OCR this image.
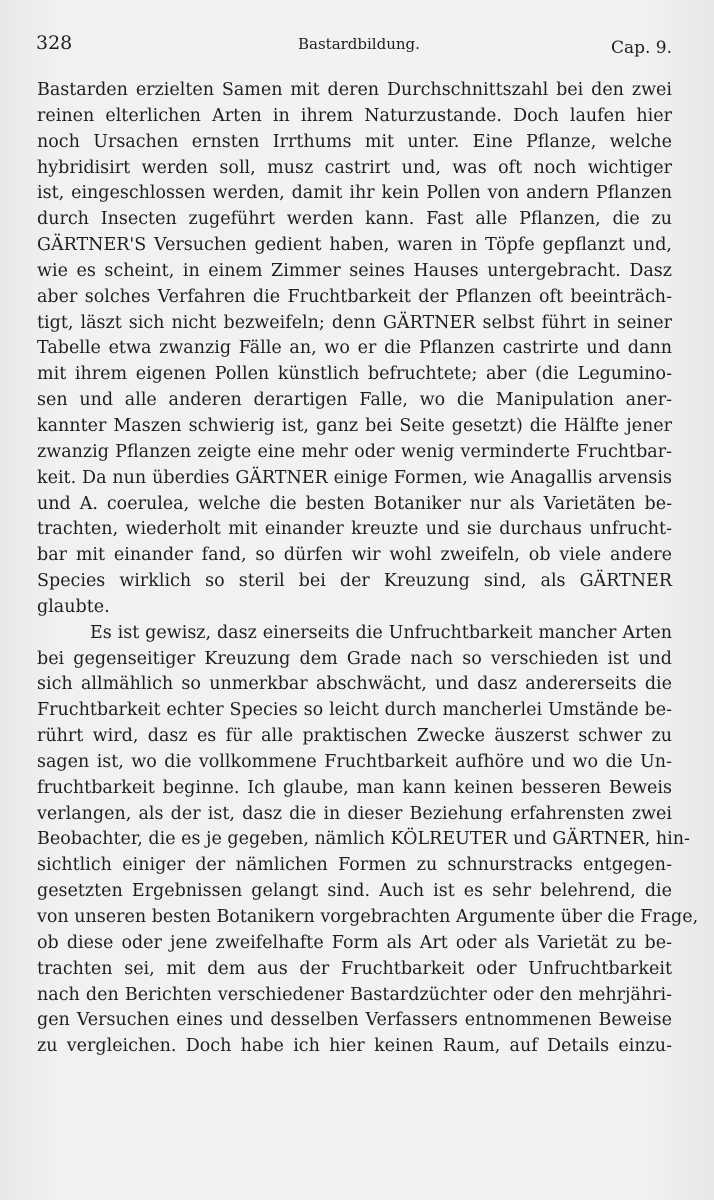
328	Bastardbildung.	Cap. 9.
Bastarden erzielten Samen mit deren Durchschnittszahl bei den zwei
reinen elterlichen Arten in ihrem Naturzustande. Doch laufen hier
noch Ursachen ernsten Irrthums mit unter. Eine Pflanze, welche
hybridisirt werden soll, musz castrirt und, was oft noch wichtiger
ist, eingeschlossen werden, damit ihr kein Pollen von andern Pflanzen
durch Insecten zugeführt werden kann. Fast alle Pflanzen, die zu
GÄRTNER'S Versuchen gedient haben, waren in Töpfe gepflanzt und,
wie es scheint, in einem Zimmer seines Hauses untergebracht. Dasz
aber solches Verfahren die Fruchtbarkeit der Pflanzen oft beeinträch-
tigt, läszt sich nicht bezweifeln; denn GÄRTNER selbst führt in seiner
Tabelle etwa zwanzig Fälle an, wo er die Pflanzen castrirte und dann
mit ihrem eigenen Pollen künstlich befruchtete; aber (die Legumino-
sen und alle anderen derartigen Falle, wo die Manipulation aner-
kannter Maszen schwierig ist, ganz bei Seite gesetzt) die Hälfte jener
zwanzig Pflanzen zeigte eine mehr oder wenig verminderte Fruchtbar-
keit. Da nun überdies GÄRTNER einige Formen, wie Anagallis arvensis
und A. coerulea, welche die besten Botaniker nur als Varietäten be-
trachten, wiederholt mit einander kreuzte und sie durchaus unfrucht-
bar mit einander fand, so dürfen wir wohl zweifeln, ob viele andere
Species wirklich so steril bei der Kreuzung sind, als GÄRTNER
glaubte.
Es ist gewisz, dasz einerseits die Unfruchtbarkeit mancher Arten
bei gegenseitiger Kreuzung dem Grade nach so verschieden ist und
sich allmählich so unmerkbar abschwächt, und dasz andererseits die
Fruchtbarkeit echter Species so leicht durch mancherlei Umstände be-
rührt wird, dasz es für alle praktischen Zwecke äuszerst schwer zu
sagen ist, wo die vollkommene Fruchtbarkeit aufhöre und wo die Un-
fruchtbarkeit beginne. Ich glaube, man kann keinen besseren Beweis
verlangen, als der ist, dasz die in dieser Beziehung erfahrensten zwei
Beobachter, die es je gegeben, nämlich KÖLREUTER und GÄRTNER, hin-
sichtlich einiger der nämlichen Formen zu schnurstracks entgegen-
gesetzten Ergebnissen gelangt sind. Auch ist es sehr belehrend, die
von unseren besten Botanikern vorgebrachten Argumente über die Frage,
ob diese oder jene zweifelhafte Form als Art oder als Varietät zu be-
trachten sei, mit dem aus der Fruchtbarkeit oder Unfruchtbarkeit
nach den Berichten verschiedener Bastardzüchter oder den mehrjähri-
gen Versuchen eines und desselben Verfassers entnommenen Beweise
zu vergleichen. Doch habe ich hier keinen Raum, auf Details einzu-
